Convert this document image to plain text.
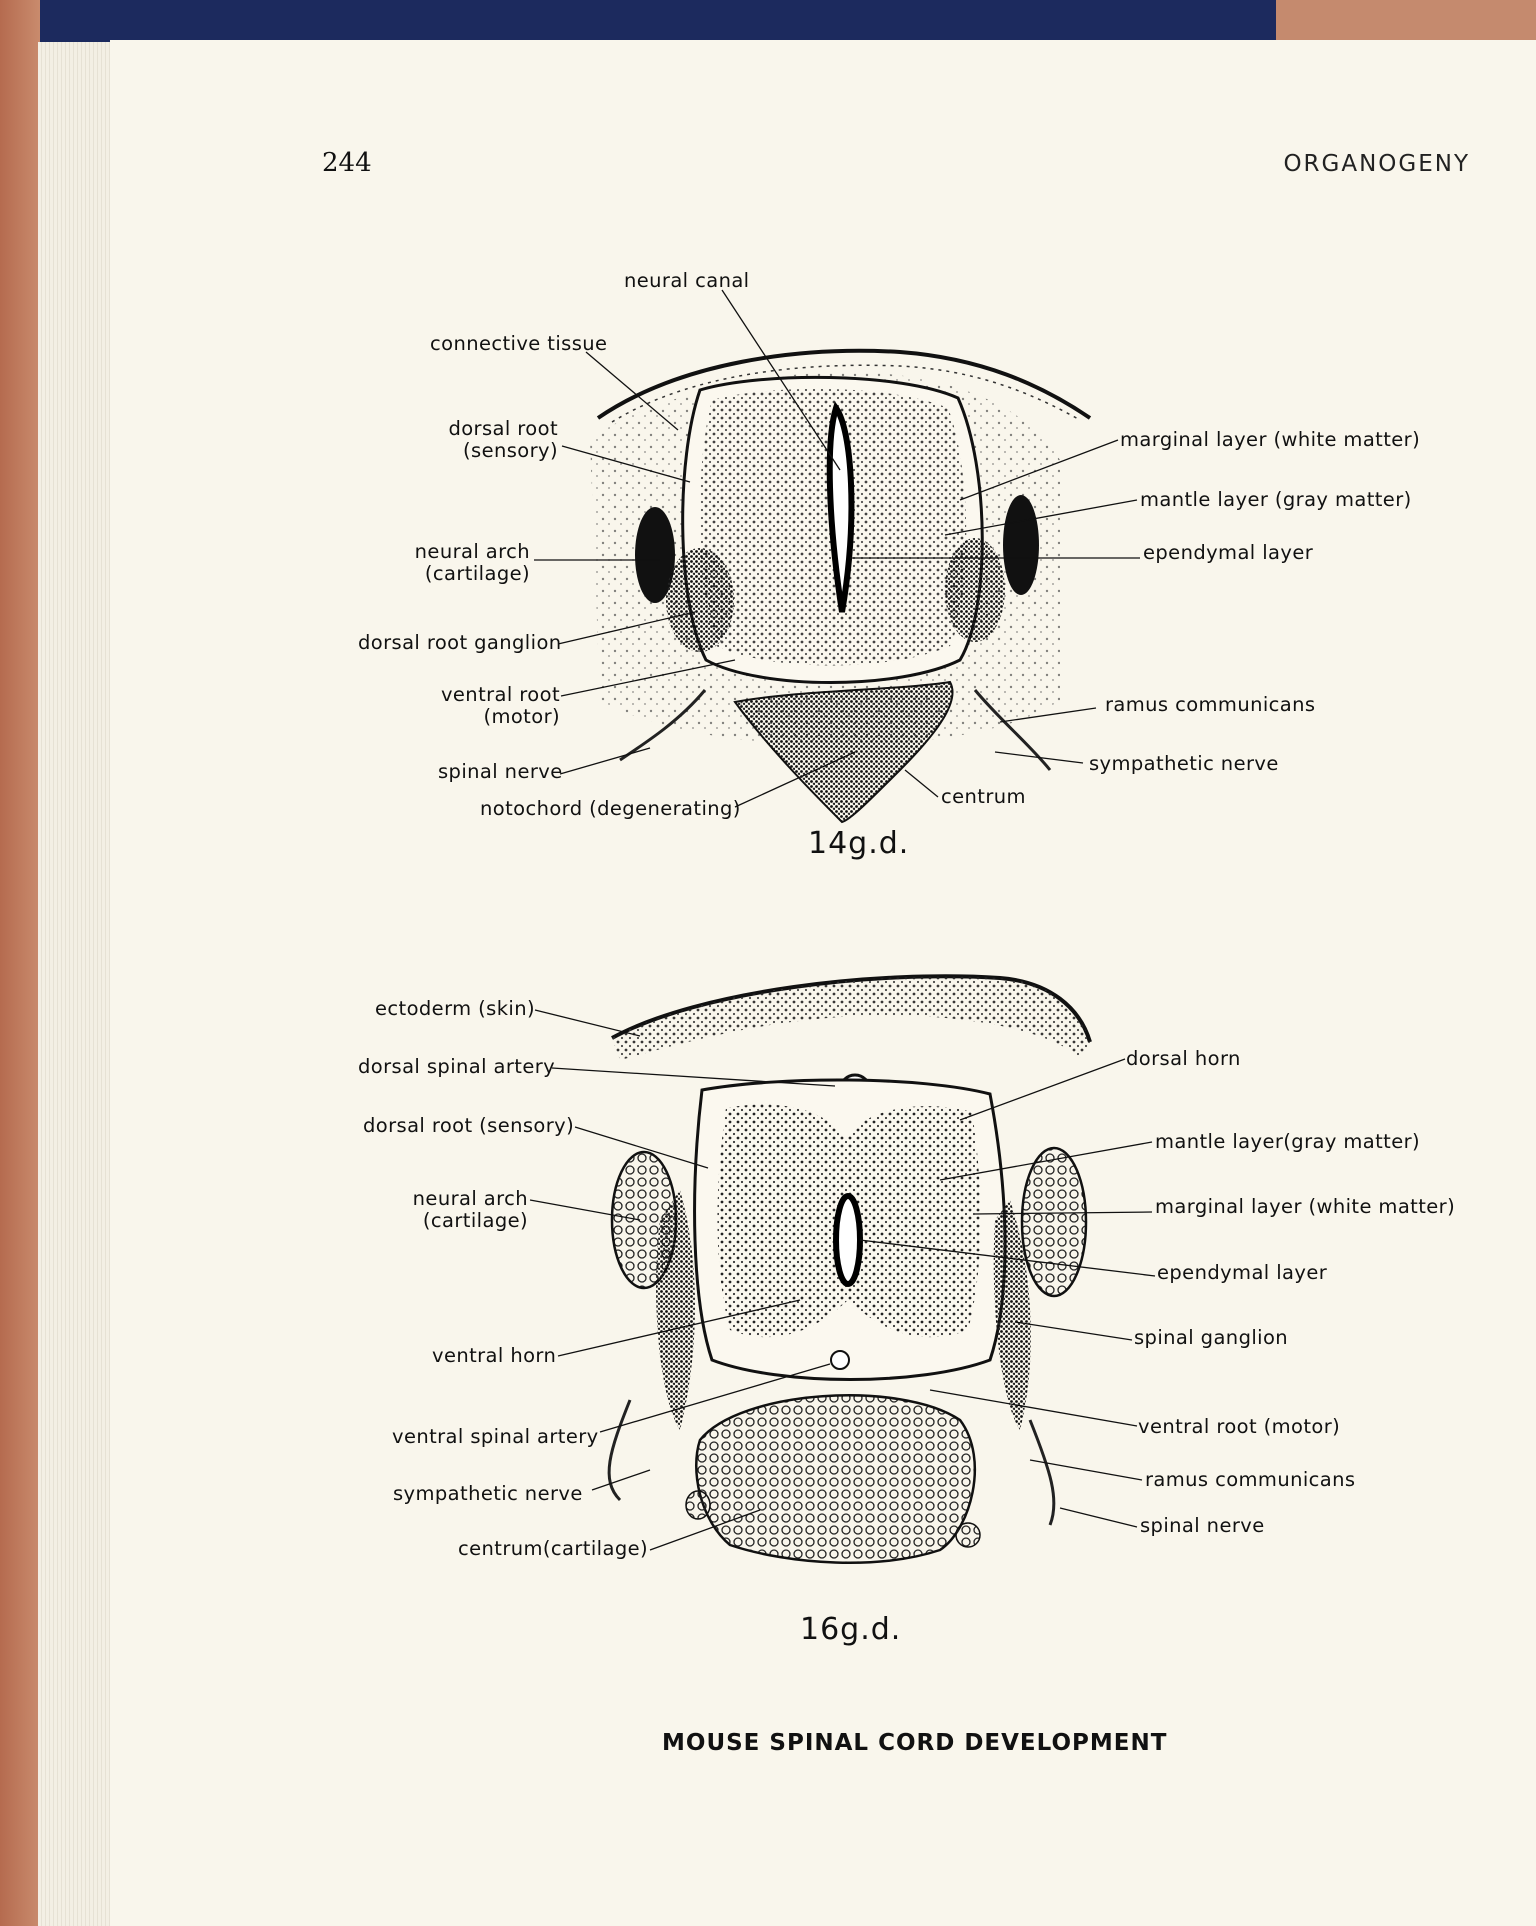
244	ORGANOGENY
neural canal
connective tissue
dorsal root
(sensory)
neural arch
(cartilage)
dorsal root ganglion
ventral root
(motor)
spinal nerve
notochord (degenerating)
marginal layer (white matter)
mantle layer (gray matter)
ependymal layer
ramus communicans
sympathetic nerve
centrum
14g.d.
ectoderm (skin)
dorsal spinal artery
dorsal root (sensory)
neural arch
(cartilage)
ventral horn
ventral spinal artery
sympathetic nerve
centrum(cartilage)
dorsal horn
mantle layer(gray matter)
marginal layer (white matter)
ependymal layer
spinal ganglion
ventral root (motor)
ramus communicans
spinal nerve
16g.d.
MOUSE SPINAL CORD DEVELOPMENT
